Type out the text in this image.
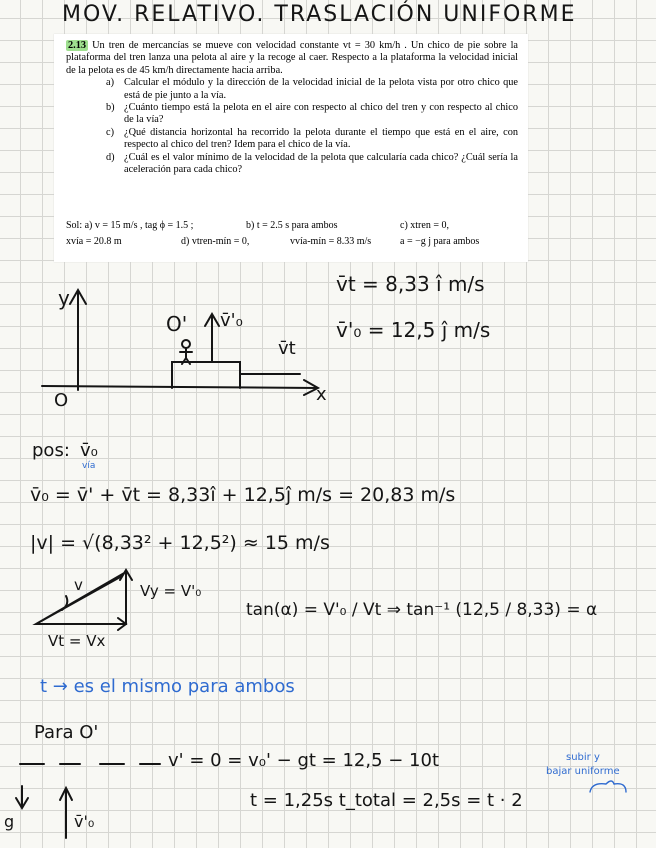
MOV. RELATIVO. TRASLACIÓN UNIFORME
2.13 Un tren de mercancías se mueve con velocidad constante vt = 30 km/h . Un chico de pie sobre la plataforma del tren lanza una pelota al aire y la recoge al caer. Respecto a la plataforma la velocidad inicial de la pelota es de 45 km/h directamente hacia arriba.
a) Calcular el módulo y la dirección de la velocidad inicial de la pelota vista por otro chico que está de pie junto a la vía.
b) ¿Cuánto tiempo está la pelota en el aire con respecto al chico del tren y con respecto al chico de la vía?
c) ¿Qué distancia horizontal ha recorrido la pelota durante el tiempo que está en el aire, con respecto al chico del tren? Idem para el chico de la vía.
d) ¿Cuál es el valor mínimo de la velocidad de la pelota que calcularía cada chico? ¿Cuál sería la aceleración para cada chico?
Sol: a) v = 15 m/s , tag ϕ = 1.5 ;	b) t = 2.5 s para ambos	c) xtren = 0,
xvía = 20.8 m	d) vtren-mín = 0,	vvía-mín = 8.33 m/s	a = −g j para ambos
v̄t = 8,33 î m/s
v̄'₀ = 12,5 ĵ m/s
y
x
O
O' v̄'₀
v̄t
pos: v̄₀
vía
v̄₀ = v̄' + v̄t = 8,33î + 12,5ĵ m/s = 20,83 m/s
|v| = √(8,33² + 12,5²) ≈ 15 m/s
v	Vy = V'₀
Vt = Vx
tan(α) = V'₀ / Vt ⇒ tan⁻¹ (12,5 / 8,33) = α
t → es el mismo para ambos
Para O'
v' = 0 = v₀' − gt = 12,5 − 10t
g	v̄'₀
t = 1,25s t_total = 2,5s = t · 2
subir y
bajar uniforme
